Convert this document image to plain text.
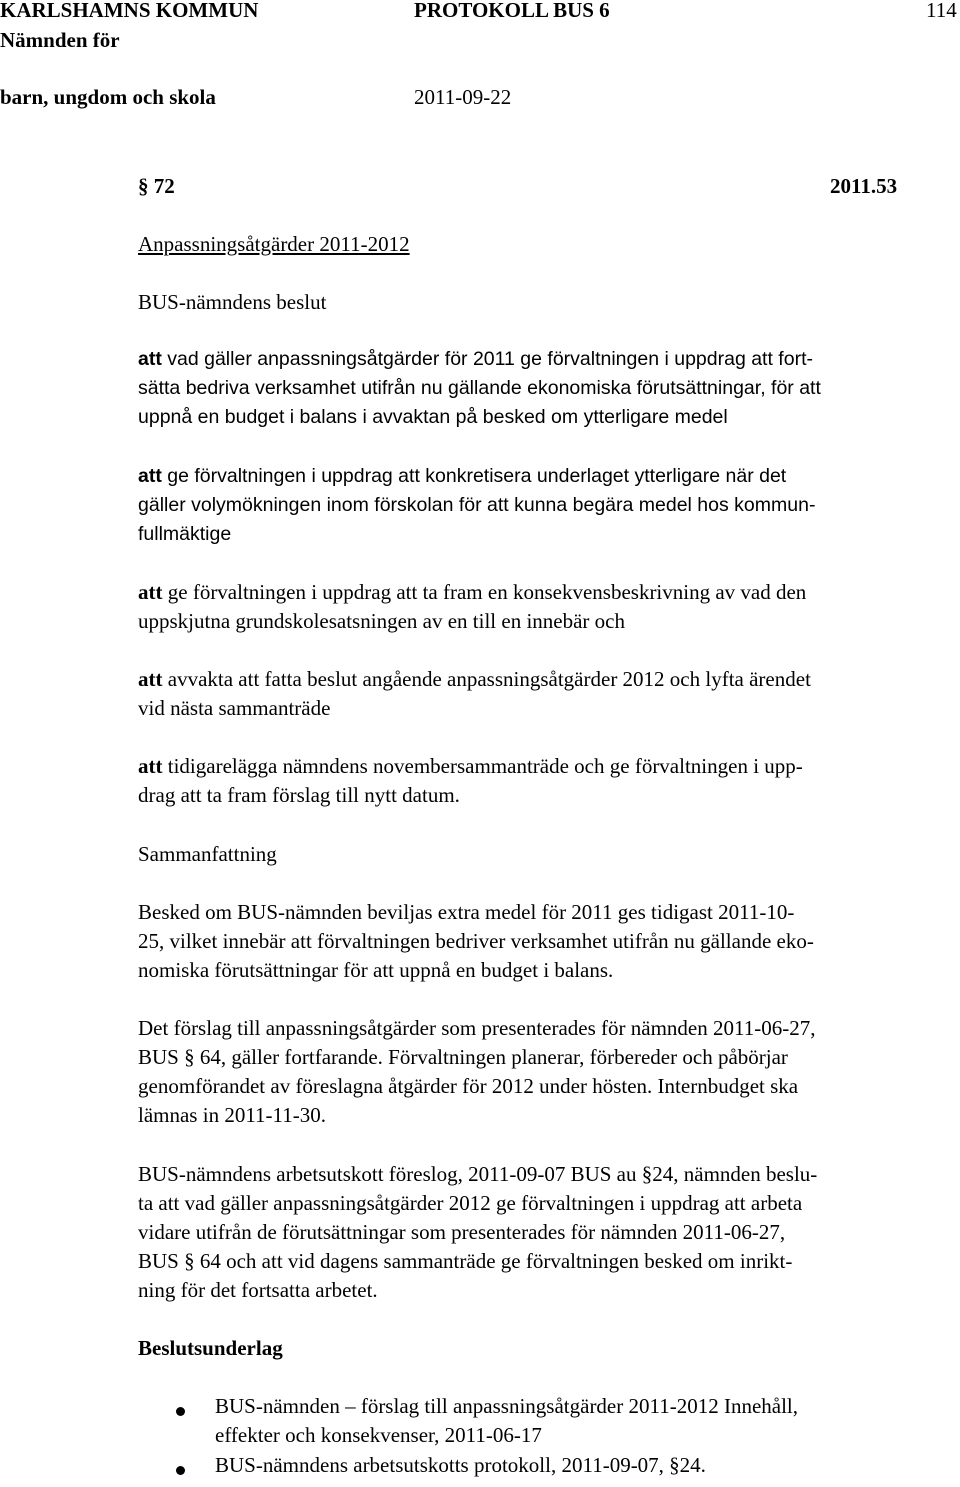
KARLSHAMNS KOMMUN	PROTOKOLL BUS 6	114
Nämnden för
barn, ungdom och skola	2011-09-22
§ 72	2011.53
Anpassningsåtgärder 2011-2012
BUS-nämndens beslut
att vad gäller anpassningsåtgärder för 2011 ge förvaltningen i uppdrag att fort-
sätta bedriva verksamhet utifrån nu gällande ekonomiska förutsättningar, för att
uppnå en budget i balans i avvaktan på besked om ytterligare medel
att ge förvaltningen i uppdrag att konkretisera underlaget ytterligare när det
gäller volymökningen inom förskolan för att kunna begära medel hos kommun-
fullmäktige
att ge förvaltningen i uppdrag att ta fram en konsekvensbeskrivning av vad den
uppskjutna grundskolesatsningen av en till en innebär och
att avvakta att fatta beslut angående anpassningsåtgärder 2012 och lyfta ärendet
vid nästa sammanträde
att tidigarelägga nämndens novembersammanträde och ge förvaltningen i upp-
drag att ta fram förslag till nytt datum.
Sammanfattning
Besked om BUS-nämnden beviljas extra medel för 2011 ges tidigast 2011-10-
25, vilket innebär att förvaltningen bedriver verksamhet utifrån nu gällande eko-
nomiska förutsättningar för att uppnå en budget i balans.
Det förslag till anpassningsåtgärder som presenterades för nämnden 2011-06-27,
BUS § 64, gäller fortfarande. Förvaltningen planerar, förbereder och påbörjar
genomförandet av föreslagna åtgärder för 2012 under hösten. Internbudget ska
lämnas in 2011-11-30.
BUS-nämndens arbetsutskott föreslog, 2011-09-07 BUS au §24, nämnden beslu-
ta att vad gäller anpassningsåtgärder 2012 ge förvaltningen i uppdrag att arbeta
vidare utifrån de förutsättningar som presenterades för nämnden 2011-06-27,
BUS § 64 och att vid dagens sammanträde ge förvaltningen besked om inrikt-
ning för det fortsatta arbetet.
Beslutsunderlag
BUS-nämnden – förslag till anpassningsåtgärder 2011-2012 Innehåll,
effekter och konsekvenser, 2011-06-17
BUS-nämndens arbetsutskotts protokoll, 2011-09-07, §24.
